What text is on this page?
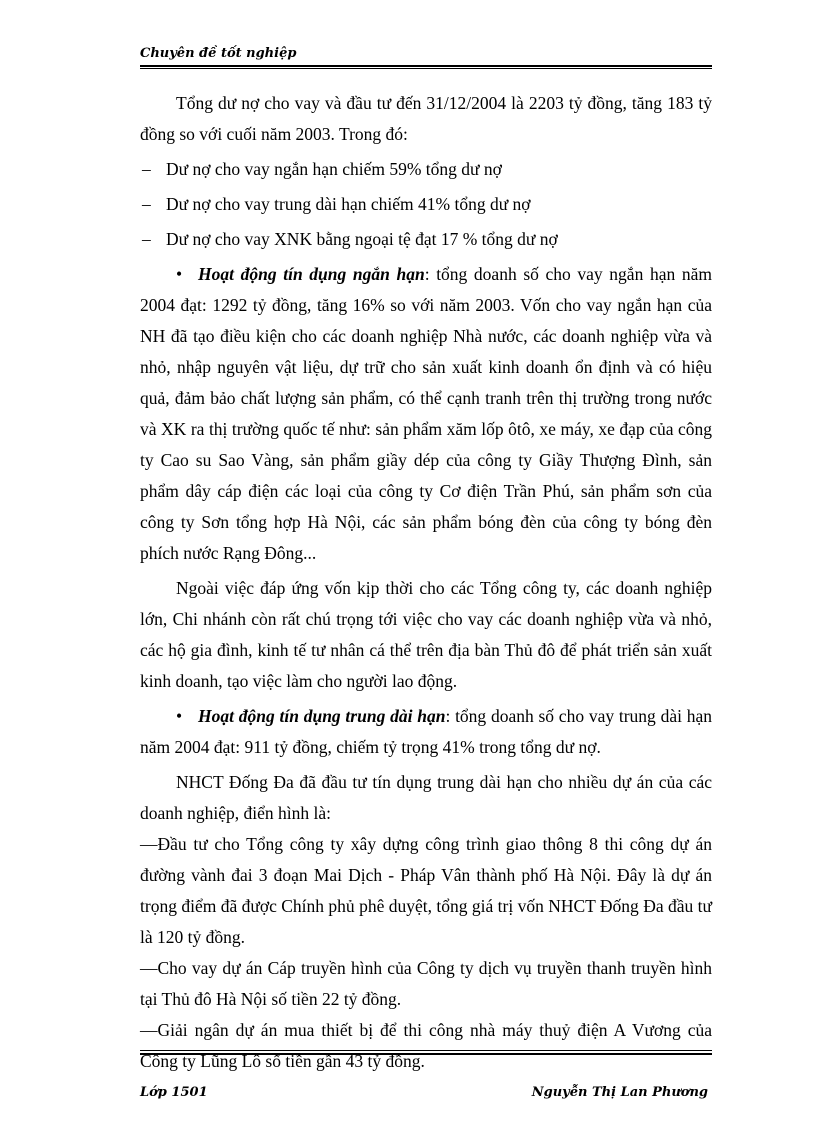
Chuyên đề tốt nghiệp

Tổng dư nợ cho vay và đầu tư đến 31/12/2004 là 2203 tỷ đồng, tăng 183 tỷ đồng so với cuối năm 2003. Trong đó:

– Dư nợ cho vay ngắn hạn chiếm 59% tổng dư nợ
– Dư nợ cho vay trung dài hạn chiếm 41% tổng dư nợ
– Dư nợ cho vay XNK bằng ngoại tệ đạt 17 % tổng dư nợ

• Hoạt động tín dụng ngắn hạn: tổng doanh số cho vay ngắn hạn năm 2004 đạt: 1292 tỷ đồng, tăng 16% so với năm 2003. Vốn cho vay ngắn hạn của NH đã tạo điều kiện cho các doanh nghiệp Nhà nước, các doanh nghiệp vừa và nhỏ, nhập nguyên vật liệu, dự trữ cho sản xuất kinh doanh ổn định và có hiệu quả, đảm bảo chất lượng sản phẩm, có thể cạnh tranh trên thị trường trong nước và XK ra thị trường quốc tế như: sản phẩm xăm lốp ôtô, xe máy, xe đạp của công ty Cao su Sao Vàng, sản phẩm giầy dép của công ty Giầy Thượng Đình, sản phẩm dây cáp điện các loại của công ty Cơ điện Trần Phú, sản phẩm sơn của công ty Sơn tổng hợp Hà Nội, các sản phẩm bóng đèn của công ty bóng đèn phích nước Rạng Đông...

Ngoài việc đáp ứng vốn kịp thời cho các Tổng công ty, các doanh nghiệp lớn, Chi nhánh còn rất chú trọng tới việc cho vay các doanh nghiệp vừa và nhỏ, các hộ gia đình, kinh tế tư nhân cá thể trên địa bàn Thủ đô để phát triển sản xuất kinh doanh, tạo việc làm cho người lao động.

• Hoạt động tín dụng trung dài hạn: tổng doanh số cho vay trung dài hạn năm 2004 đạt: 911 tỷ đồng, chiếm tỷ trọng 41% trong tổng dư nợ.

NHCT Đống Đa đã đầu tư tín dụng trung dài hạn cho nhiều dự án của các doanh nghiệp, điển hình là:

—Đầu tư cho Tổng công ty xây dựng công trình giao thông 8 thi công dự án đường vành đai 3 đoạn Mai Dịch - Pháp Vân thành phố Hà Nội. Đây là dự án trọng điểm đã được Chính phủ phê duyệt, tổng giá trị vốn NHCT Đống Đa đầu tư là 120 tỷ đồng.

—Cho vay dự án Cáp truyền hình của Công ty dịch vụ truyền thanh truyền hình tại Thủ đô Hà Nội số tiền 22 tỷ đồng.

—Giải ngân dự án mua thiết bị để thi công nhà máy thuỷ điện A Vương của Công ty Lũng Lô số tiền gần 43 tỷ đồng.

Lớp 1501	Nguyễn Thị Lan Phương
